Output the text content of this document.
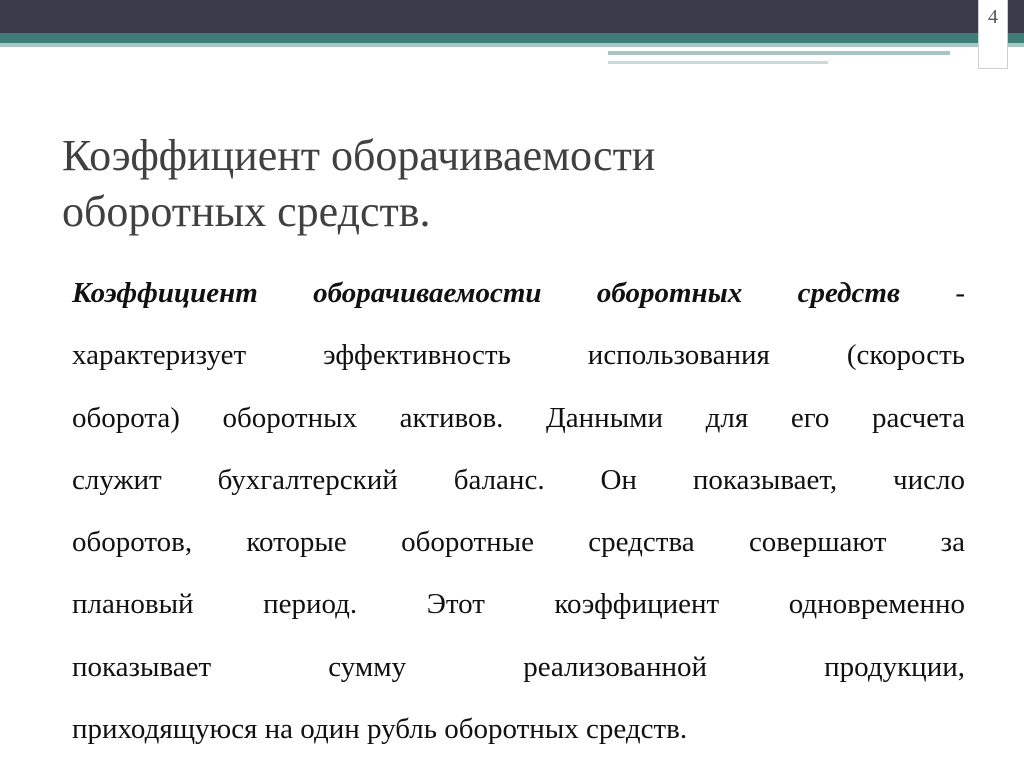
4
Коэффициент оборачиваемости
оборотных средств.
Коэффициент оборачиваемости оборотных средств -
характеризует эффективность использования (скорость
оборота) оборотных активов. Данными для его расчета
служит бухгалтерский баланс. Он показывает, число
оборотов, которые оборотные средства совершают за
плановый период. Этот коэффициент одновременно
показывает сумму реализованной продукции,
приходящуюся на один рубль оборотных средств.
